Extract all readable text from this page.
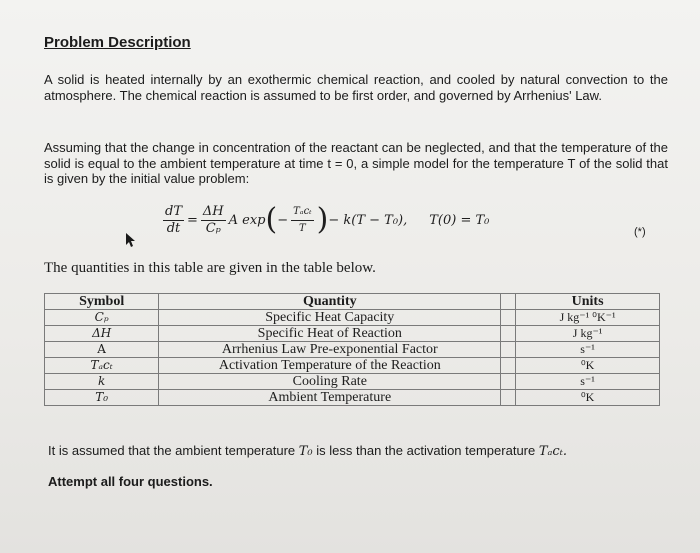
Problem Description
A solid is heated internally by an exothermic chemical reaction, and cooled by natural convection to the atmosphere. The chemical reaction is assumed to be first order, and governed by Arrhenius' Law.
Assuming that the change in concentration of the reactant can be neglected, and that the temperature of the solid is equal to the ambient temperature at time t = 0, a simple model for the temperature T of the solid that is given by the initial value problem:
$\frac{dT}{dt} = \frac{\Delta H}{\text{Cₚ}}$ A exp ( − $\frac{\text{Tₐcₜ}}{T}$ ) − k(T − T₀), T(0) = T₀
(*)
The quantities in this table are given in the table below.
Symbol	Quantity		Units
Cₚ	Specific Heat Capacity		J kg⁻¹ ⁰K⁻¹
ΔH	Specific Heat of Reaction		J kg⁻¹
A	Arrhenius Law Pre-exponential Factor		s⁻¹
Tₐcₜ	Activation Temperature of the Reaction		⁰K
k	Cooling Rate		s⁻¹
T₀	Ambient Temperature		⁰K
It is assumed that the ambient temperature T₀ is less than the activation temperature Tₐcₜ.
Attempt all four questions.
